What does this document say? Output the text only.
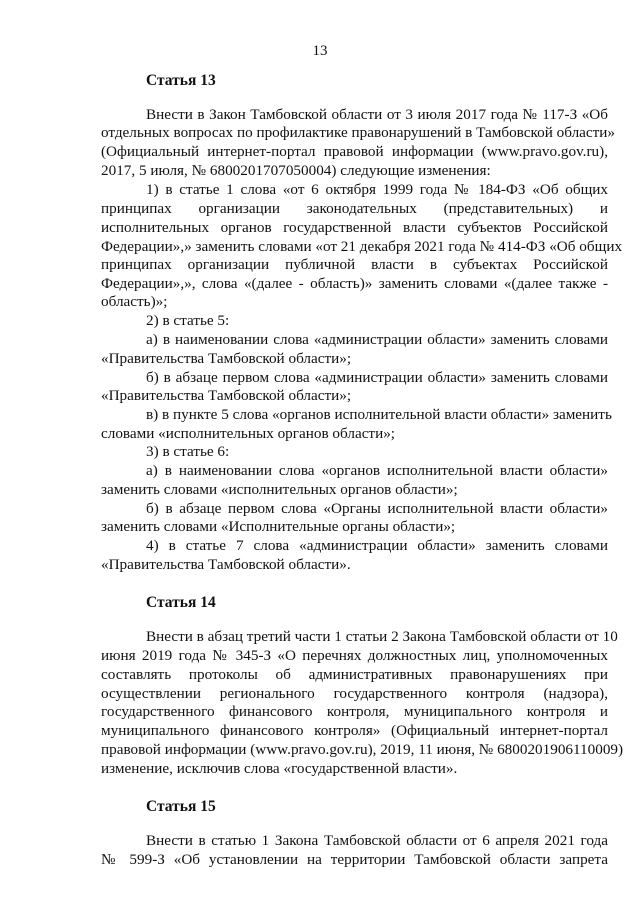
13
Статья 13
Внести в Закон Тамбовской области от 3 июля 2017 года № 117-З «Об
отдельных вопросах по профилактике правонарушений в Тамбовской области»
(Официальный интернет-портал правовой информации (www.pravo.gov.ru),
2017, 5 июля, № 6800201707050004) следующие изменения:
1) в статье 1 слова «от 6 октября 1999 года № 184-ФЗ «Об общих
принципах организации законодательных (представительных) и
исполнительных органов государственной власти субъектов Российской
Федерации»,» заменить словами «от 21 декабря 2021 года № 414-ФЗ «Об общих
принципах организации публичной власти в субъектах Российской
Федерации»,», слова «(далее - область)» заменить словами «(далее также -
область)»;
2) в статье 5:
а) в наименовании слова «администрации области» заменить словами
«Правительства Тамбовской области»;
б) в абзаце первом слова «администрации области» заменить словами
«Правительства Тамбовской области»;
в) в пункте 5 слова «органов исполнительной власти области» заменить
словами «исполнительных органов области»;
3) в статье 6:
а) в наименовании слова «органов исполнительной власти области»
заменить словами «исполнительных органов области»;
б) в абзаце первом слова «Органы исполнительной власти области»
заменить словами «Исполнительные органы области»;
4) в статье 7 слова «администрации области» заменить словами
«Правительства Тамбовской области».
Статья 14
Внести в абзац третий части 1 статьи 2 Закона Тамбовской области от 10
июня 2019 года № 345-З «О перечнях должностных лиц, уполномоченных
составлять протоколы об административных правонарушениях при
осуществлении регионального государственного контроля (надзора),
государственного финансового контроля, муниципального контроля и
муниципального финансового контроля» (Официальный интернет-портал
правовой информации (www.pravo.gov.ru), 2019, 11 июня, № 6800201906110009)
изменение, исключив слова «государственной власти».
Статья 15
Внести в статью 1 Закона Тамбовской области от 6 апреля 2021 года
№ 599-З «Об установлении на территории Тамбовской области запрета
